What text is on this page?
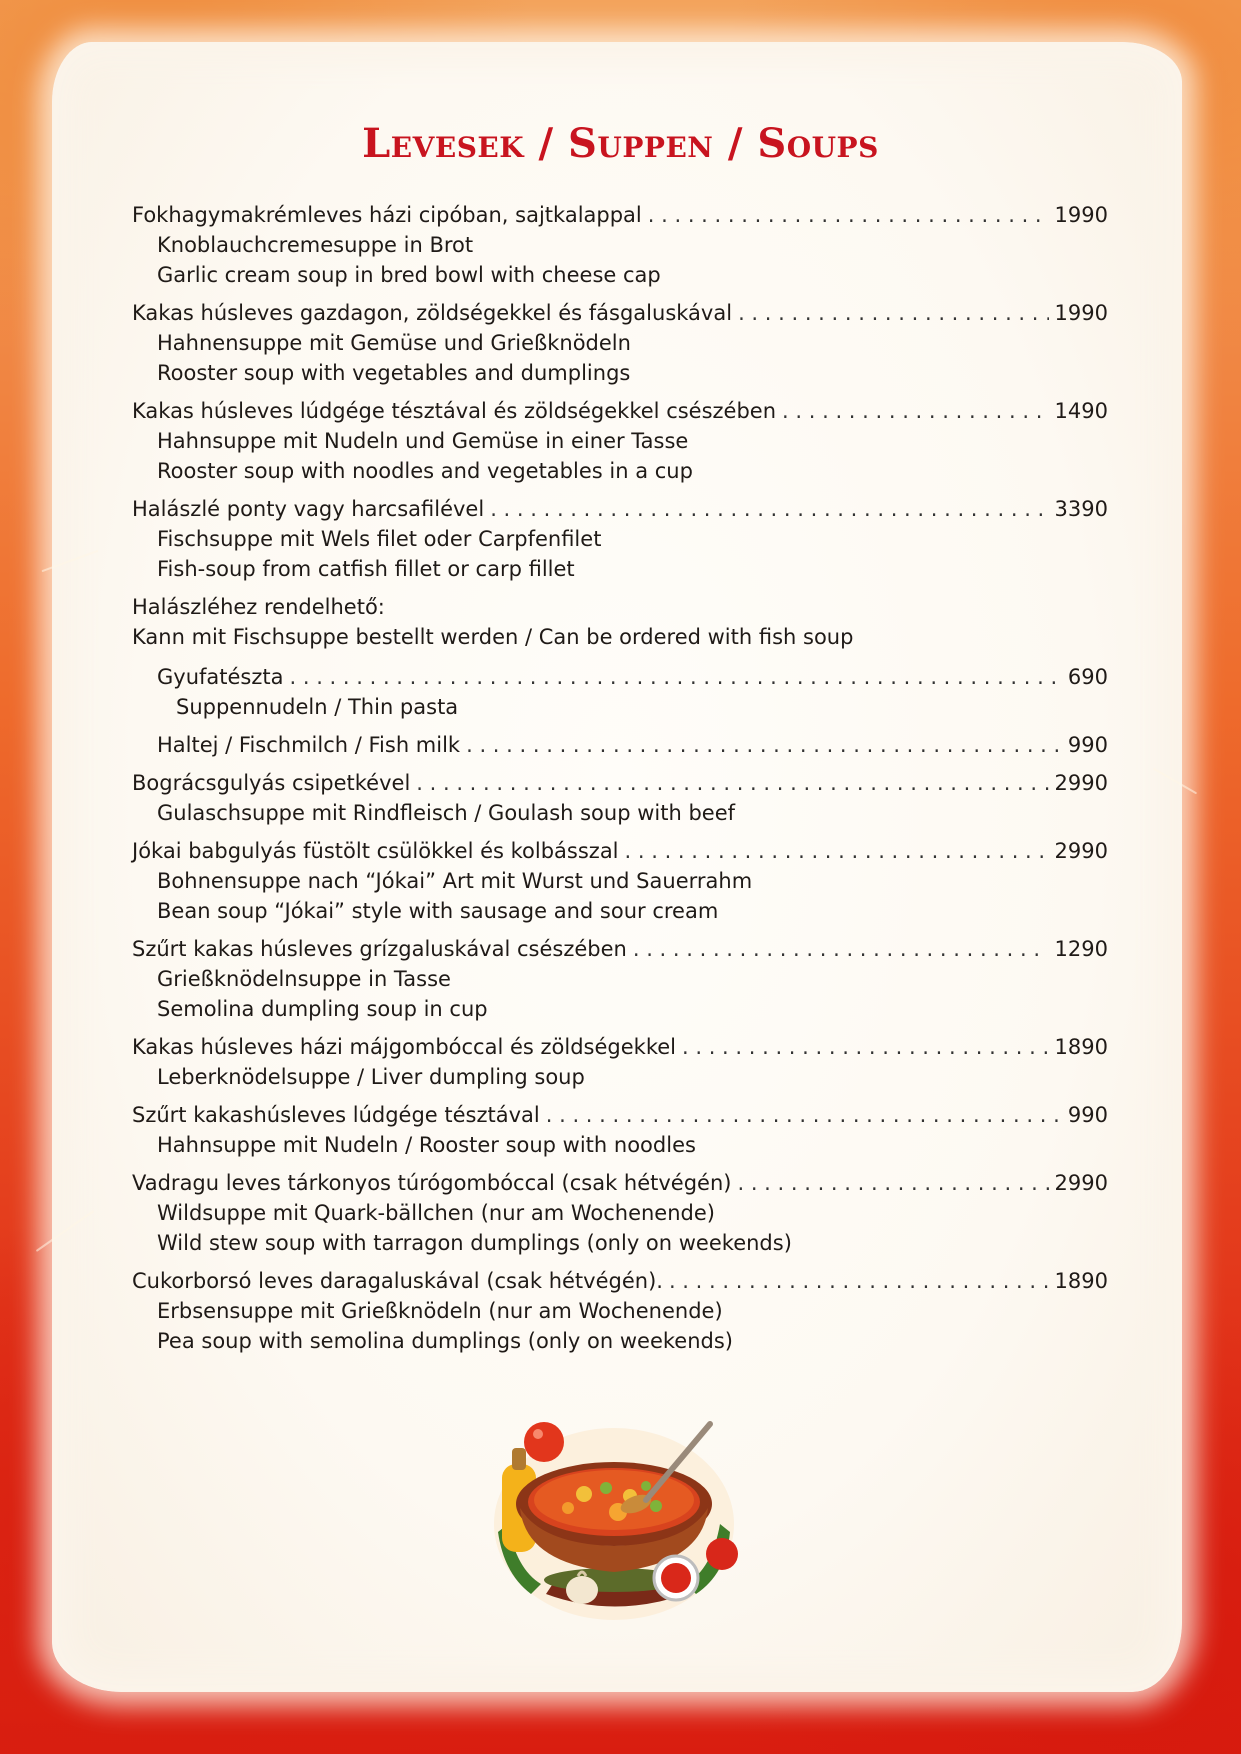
Levesek / Suppen / Soups
Fokhagymakrémleves házi cipóban, sajtkalappal . . .	1990
Knoblauchcremesuppe in Brot
Garlic cream soup in bred bowl with cheese cap
Kakas húsleves gazdagon, zöldségekkel és fásgaluskával . . .	1990
Hahnensuppe mit Gemüse und Grießknödeln
Rooster soup with vegetables and dumplings
Kakas húsleves lúdgége tésztával és zöldségekkel csészében . . .	1490
Hahnsuppe mit Nudeln und Gemüse in einer Tasse
Rooster soup with noodles and vegetables in a cup
Halászlé ponty vagy harcsafilével . . .	3390
Fischsuppe mit Wels filet oder Carpfenfilet
Fish-soup from catfish fillet or carp fillet
Halászléhez rendelhető:
Kann mit Fischsuppe bestellt werden / Can be ordered with fish soup
Gyufatészta . . .	690
Suppennudeln / Thin pasta
Haltej / Fischmilch / Fish milk . . .	990
Bográcsgulyás csipetkével . . .	2990
Gulaschsuppe mit Rindfleisch / Goulash soup with beef
Jókai babgulyás füstölt csülökkel és kolbásszal . . .	2990
Bohnensuppe nach “Jókai” Art mit Wurst und Sauerrahm
Bean soup “Jókai” style with sausage and sour cream
Szűrt kakas húsleves grízgaluskával csészében . . .	1290
Grießknödelnsuppe in Tasse
Semolina dumpling soup in cup
Kakas húsleves házi májgombóccal és zöldségekkel . . .	1890
Leberknödelsuppe / Liver dumpling soup
Szűrt kakashúsleves lúdgége tésztával . . .	990
Hahnsuppe mit Nudeln / Rooster soup with noodles
Vadragu leves tárkonyos túrógombóccal (csak hétvégén) . . .	2990
Wildsuppe mit Quark-bällchen (nur am Wochenende)
Wild stew soup with tarragon dumplings (only on weekends)
Cukorborsó leves daragaluskával (csak hétvégén). . . .	1890
Erbsensuppe mit Grießknödeln (nur am Wochenende)
Pea soup with semolina dumplings (only on weekends)
